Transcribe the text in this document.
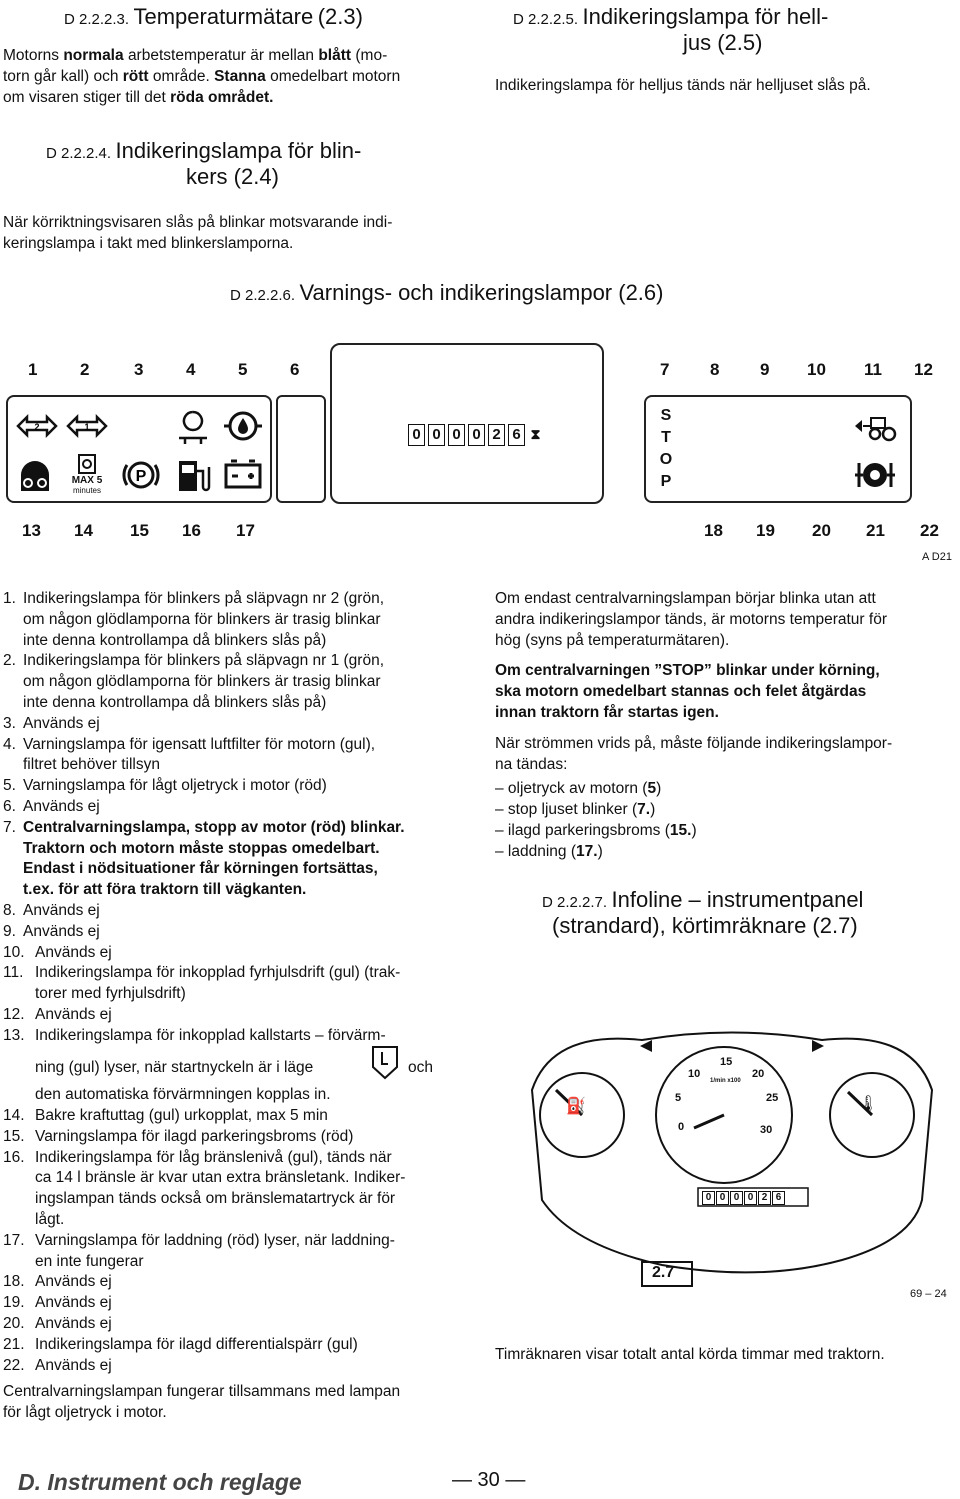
D 2.2.2.3. Temperaturmätare (2.3)
Motorns normala arbetstemperatur är mellan blått (mo-
torn går kall) och rött område. Stanna omedelbart motorn
om visaren stiger till det röda området.
D 2.2.2.5. Indikeringslampa för hell-
jus (2.5)
Indikeringslampa för helljus tänds när helljuset slås på.
D 2.2.2.4. Indikeringslampa för blin-
kers (2.4)
När körriktningsvisaren slås på blinkar motsvarande indi-
keringslampa i takt med blinkerslamporna.
D 2.2.2.6. Varnings- och indikeringslampor (2.6)
1	2	3	4	5	6	7 8 9 10 11 12
0 0 0 0 2 6 ⧗
2	1
MAX 5
minutes
P
S
T
O
P
13 14 15 16 17	18 19 20 21 22
A D21
1. Indikeringslampa för blinkers på släpvagn nr 2 (grön,
om någon glödlamporna för blinkers är trasig blinkar
inte denna kontrollampa då blinkers slås på)
2. Indikeringslampa för blinkers på släpvagn nr 1 (grön,
om någon glödlamporna för blinkers är trasig blinkar
inte denna kontrollampa då blinkers slås på)
3. Används ej
4. Varningslampa för igensatt luftfilter för motorn (gul),
filtret behöver tillsyn
5. Varningslampa för lågt oljetryck i motor (röd)
6. Används ej
7. Centralvarningslampa, stopp av motor (röd) blinkar.
Traktorn och motorn måste stoppas omedelbart.
Endast i nödsituationer får körningen fortsättas,
t.ex. för att föra traktorn till vägkanten.
8. Används ej
9. Används ej
10. Används ej
11. Indikeringslampa för inkopplad fyrhjulsdrift (gul) (trak-
torer med fyrhjulsdrift)
12. Används ej
13. Indikeringslampa för inkopplad kallstarts – förvärm-
ning (gul) lyser, när startnyckeln är i läge	och
den automatiska förvärmningen kopplas in.
14. Bakre kraftuttag (gul) urkopplat, max 5 min
15. Varningslampa för ilagd parkeringsbroms (röd)
16. Indikeringslampa för låg bränslenivå (gul), tänds när
ca 14 l bränsle är kvar utan extra bränsletank. Indiker-
ingslampan tänds också om bränslematartryck är för
lågt.
17. Varningslampa för laddning (röd) lyser, när laddning-
en inte fungerar
18. Används ej
19. Används ej
20. Används ej
21. Indikeringslampa för ilagd differentialspärr (gul)
22. Används ej
Centralvarningslampan fungerar tillsammans med lampan
för lågt oljetryck i motor.
Om endast centralvarningslampan börjar blinka utan att
andra indikeringslampor tänds, är motorns temperatur för
hög (syns på temperaturmätaren).
Om centralvarningen ”STOP” blinkar under körning,
ska motorn omedelbart stannas och felet åtgärdas
innan traktorn får startas igen.
När strömmen vrids på, måste följande indikeringslampor-
na tändas:
– oljetryck av motorn (5)
– stop ljuset blinker (7.)
– ilagd parkeringsbroms (15.)
– laddning (17.)
D 2.2.2.7. Infoline – instrumentpanel
(strandard), körtimräknare (2.7)
0
5
10
15
20
25
30
1/min x100
0 0 0 0 2 6
2.7
⛽	🌡
69 – 24
Timräknaren visar totalt antal körda timmar med traktorn.
D. Instrument och reglage	— 30 —
